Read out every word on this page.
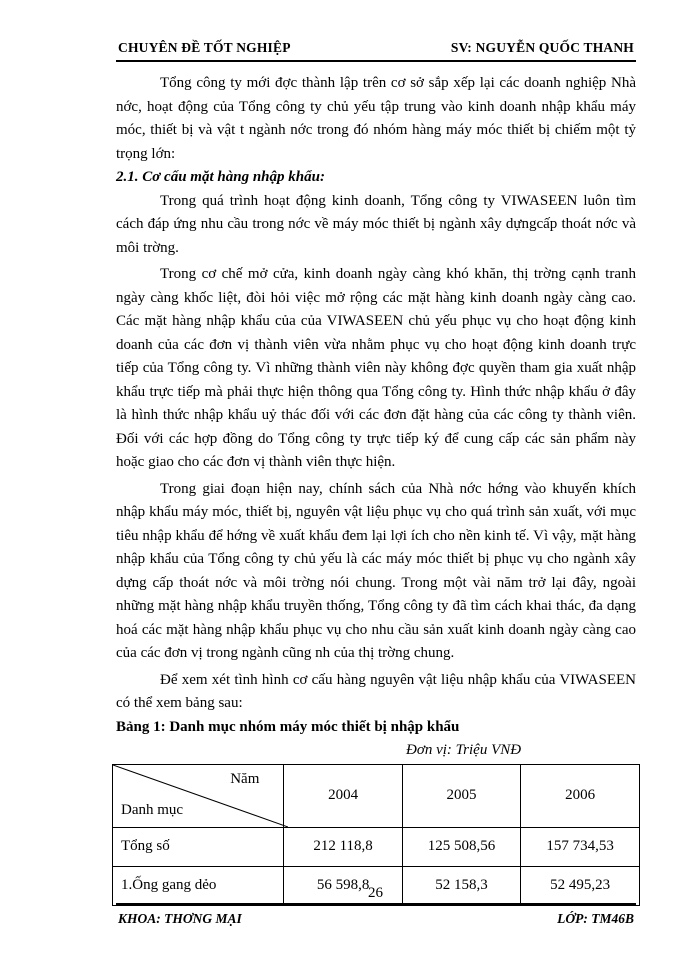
CHUYÊN ĐỀ TỐT NGHIỆP	SV: NGUYỄN QUỐC THANH

Tổng công ty mới đợc thành lập trên cơ sở sắp xếp lại các doanh nghiệp Nhà nớc, hoạt động của Tổng công ty chủ yếu tập trung vào kinh doanh nhập khẩu máy móc, thiết bị và vật t ngành nớc trong đó nhóm hàng máy móc thiết bị chiếm một tỷ trọng lớn:

2.1. Cơ cấu mặt hàng nhập khẩu:

Trong quá trình hoạt động kinh doanh, Tổng công ty VIWASEEN luôn tìm cách đáp ứng nhu cầu trong nớc về máy móc thiết bị ngành xây dựngcấp thoát nớc và môi trờng.

Trong cơ chế mở cửa, kinh doanh ngày càng khó khăn, thị trờng cạnh tranh ngày càng khốc liệt, đòi hỏi việc mở rộng các mặt hàng kinh doanh ngày càng cao. Các mặt hàng nhập khẩu của của VIWASEEN chủ yếu phục vụ cho hoạt động kinh doanh của các đơn vị thành viên vừa nhằm phục vụ cho hoạt động kinh doanh trực tiếp của Tổng công ty. Vì những thành viên này không đợc quyền tham gia xuất nhập khẩu trực tiếp mà phải thực hiện thông qua Tổng công ty. Hình thức nhập khẩu ở đây là hình thức nhập khẩu uỷ thác đối với các đơn đặt hàng của các công ty thành viên. Đối với các hợp đồng do Tổng công ty trực tiếp ký để cung cấp các sản phẩm này hoặc giao cho các đơn vị thành viên thực hiện.

Trong giai đoạn hiện nay, chính sách của Nhà nớc hớng vào khuyến khích nhập khẩu máy móc, thiết bị, nguyên vật liệu phục vụ cho quá trình sản xuất, với mục tiêu nhập khẩu để hớng về xuất khẩu đem lại lợi ích cho nền kinh tế. Vì vậy, mặt hàng nhập khẩu của Tổng công ty chủ yếu là các máy móc thiết bị phục vụ cho ngành xây dựng cấp thoát nớc và môi trờng nói chung. Trong một vài năm trở lại đây, ngoài những mặt hàng nhập khẩu truyền thống, Tổng công ty đã tìm cách khai thác, đa dạng hoá các mặt hàng nhập khẩu phục vụ cho nhu cầu sản xuất kinh doanh ngày càng cao của các đơn vị trong ngành cũng nh của thị trờng chung.

Để xem xét tình hình cơ cấu hàng nguyên vật liệu nhập khẩu của VIWASEEN có thể xem bảng sau:

Bảng 1: Danh mục nhóm máy móc thiết bị nhập khẩu

Đơn vị: Triệu VNĐ

Năm
Danh mục	2004	2005	2006
Tổng số	212 118,8	125 508,56	157 734,53
1.Ống gang dẻo	56 598,8	52 158,3	52 495,23
26
KHOA: THƠNG MẠI	LỚP: TM46B
